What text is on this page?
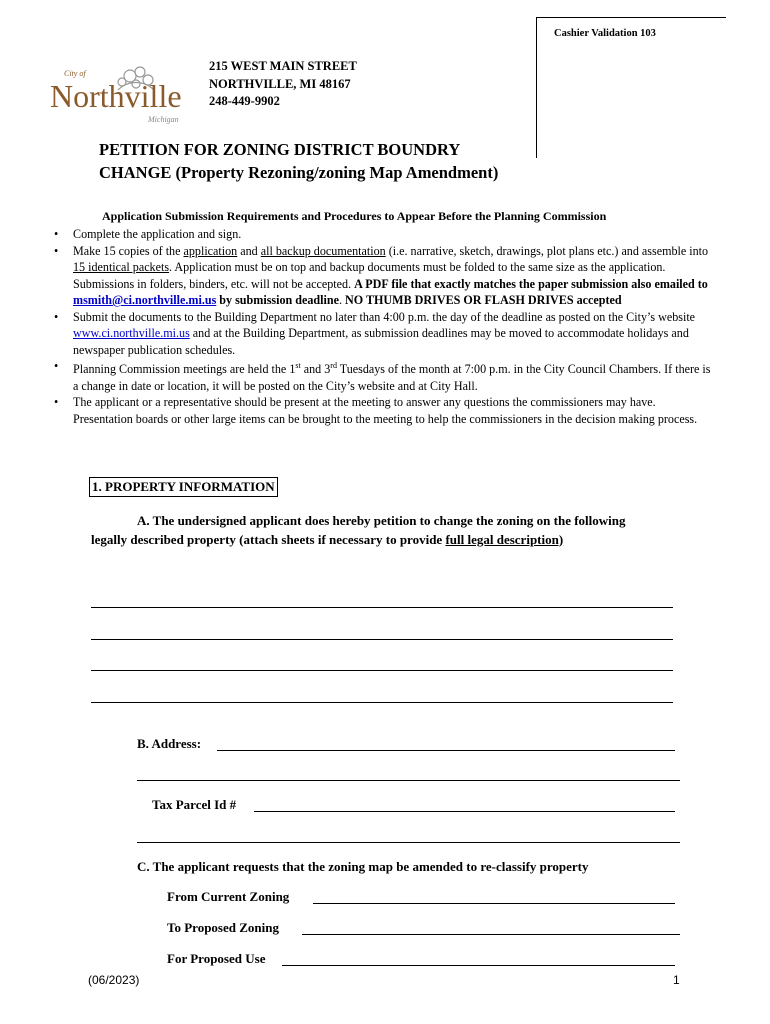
Cashier Validation 103
City of
Northville
Michigan
215 WEST MAIN STREET
NORTHVILLE, MI 48167
248-449-9902
PETITION FOR ZONING DISTRICT BOUNDRY
CHANGE (Property Rezoning/zoning Map Amendment)
Application Submission Requirements and Procedures to Appear Before the Planning Commission
• Complete the application and sign.
• Make 15 copies of the application and all backup documentation (i.e. narrative, sketch, drawings, plot plans etc.) and assemble into 15 identical packets. Application must be on top and backup documents must be folded to the same size as the application. Submissions in folders, binders, etc. will not be accepted. A PDF file that exactly matches the paper submission also emailed to msmith@ci.northville.mi.us by submission deadline. NO THUMB DRIVES OR FLASH DRIVES accepted
• Submit the documents to the Building Department no later than 4:00 p.m. the day of the deadline as posted on the City’s website www.ci.northville.mi.us and at the Building Department, as submission deadlines may be moved to accommodate holidays and newspaper publication schedules.
• Planning Commission meetings are held the 1st and 3rd Tuesdays of the month at 7:00 p.m. in the City Council Chambers. If there is a change in date or location, it will be posted on the City’s website and at City Hall.
• The applicant or a representative should be present at the meeting to answer any questions the commissioners may have. Presentation boards or other large items can be brought to the meeting to help the commissioners in the decision making process.
1. PROPERTY INFORMATION
A. The undersigned applicant does hereby petition to change the zoning on the following legally described property (attach sheets if necessary to provide full legal description)
B. Address:
Tax Parcel Id #
C. The applicant requests that the zoning map be amended to re-classify property
From Current Zoning
To Proposed Zoning
For Proposed Use
(06/2023)	1
